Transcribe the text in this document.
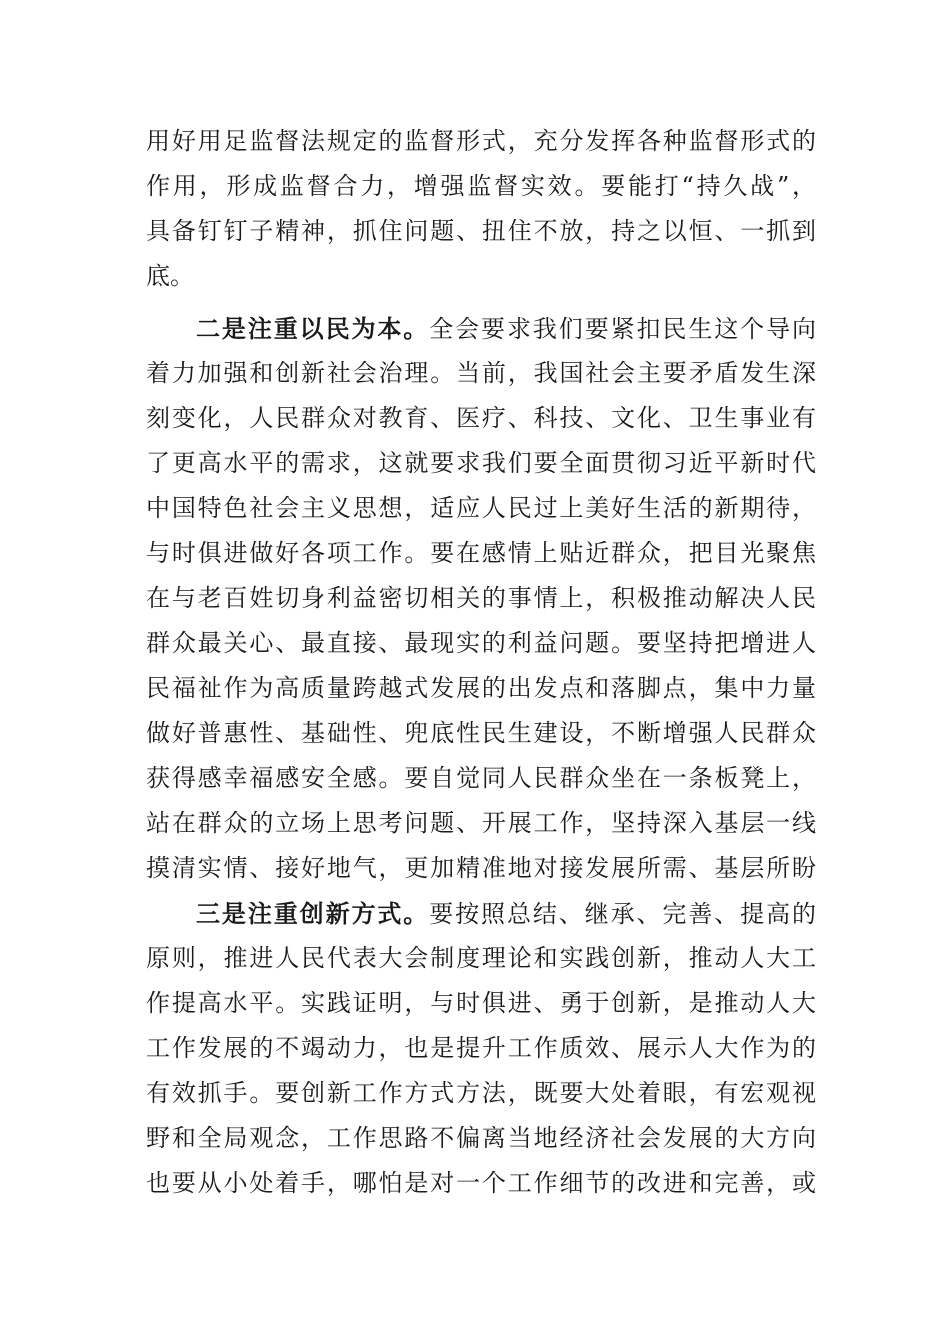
用好用足监督法规定的监督形式，充分发挥各种监督形式的
作用，形成监督合力，增强监督实效。要能打“持久战”，
具备钉钉子精神，抓住问题、扭住不放，持之以恒、一抓到
底。
二是注重以民为本。全会要求我们要紧扣民生这个导向
着力加强和创新社会治理。当前，我国社会主要矛盾发生深
刻变化，人民群众对教育、医疗、科技、文化、卫生事业有
了更高水平的需求，这就要求我们要全面贯彻习近平新时代
中国特色社会主义思想，适应人民过上美好生活的新期待，
与时俱进做好各项工作。要在感情上贴近群众，把目光聚焦
在与老百姓切身利益密切相关的事情上，积极推动解决人民
群众最关心、最直接、最现实的利益问题。要坚持把增进人
民福祉作为高质量跨越式发展的出发点和落脚点，集中力量
做好普惠性、基础性、兜底性民生建设，不断增强人民群众
获得感幸福感安全感。要自觉同人民群众坐在一条板凳上，
站在群众的立场上思考问题、开展工作，坚持深入基层一线
摸清实情、接好地气，更加精准地对接发展所需、基层所盼
三是注重创新方式。要按照总结、继承、完善、提高的
原则，推进人民代表大会制度理论和实践创新，推动人大工
作提高水平。实践证明，与时俱进、勇于创新，是推动人大
工作发展的不竭动力，也是提升工作质效、展示人大作为的
有效抓手。要创新工作方式方法，既要大处着眼，有宏观视
野和全局观念，工作思路不偏离当地经济社会发展的大方向
也要从小处着手，哪怕是对一个工作细节的改进和完善，或
